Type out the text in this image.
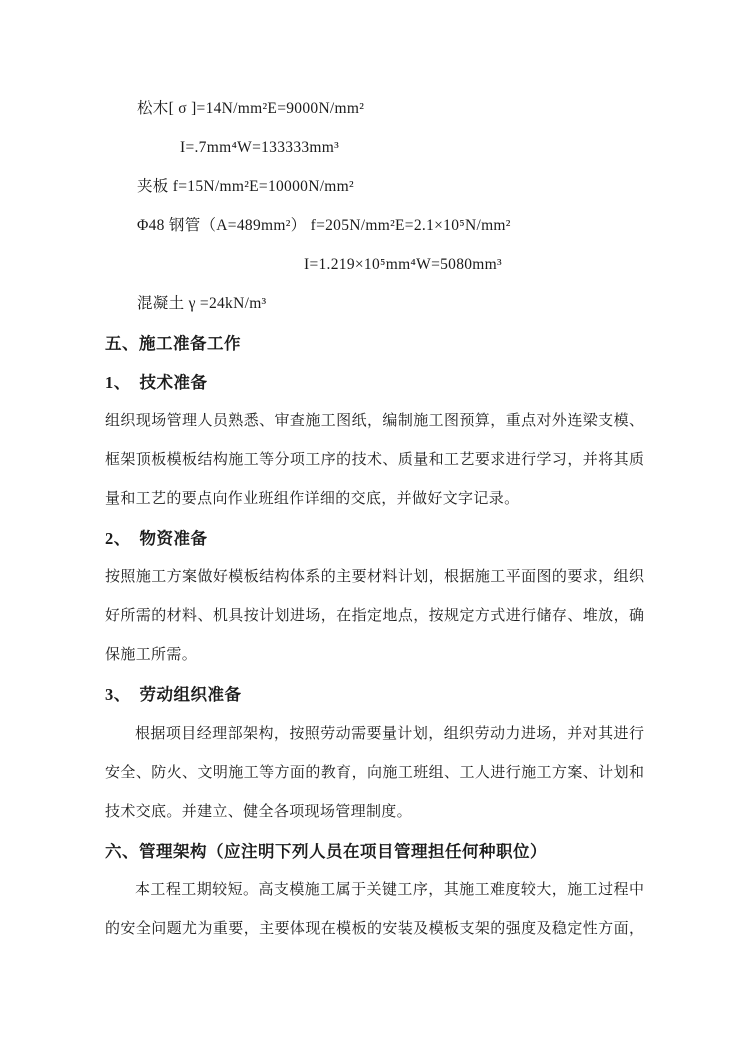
松木[ σ ]=14N/mm²E=9000N/mm²
I=.7mm⁴W=133333mm³
夹板 f=15N/mm²E=10000N/mm²
Φ48 钢管（A=489mm²） f=205N/mm²E=2.1×10⁵N/mm²
I=1.219×10⁵mm⁴W=5080mm³
混凝土 γ =24kN/m³
五、施工准备工作
1、　技术准备
组织现场管理人员熟悉、审查施工图纸，编制施工图预算，重点对外连梁支模、
框架顶板模板结构施工等分项工序的技术、质量和工艺要求进行学习，并将其质
量和工艺的要点向作业班组作详细的交底，并做好文字记录。
2、　物资准备
按照施工方案做好模板结构体系的主要材料计划，根据施工平面图的要求，组织
好所需的材料、机具按计划进场，在指定地点，按规定方式进行储存、堆放，确
保施工所需。
3、　劳动组织准备
根据项目经理部架构，按照劳动需要量计划，组织劳动力进场，并对其进行
安全、防火、文明施工等方面的教育，向施工班组、工人进行施工方案、计划和
技术交底。并建立、健全各项现场管理制度。
六、管理架构（应注明下列人员在项目管理担任何种职位）
本工程工期较短。高支模施工属于关键工序，其施工难度较大，施工过程中
的安全问题尤为重要，主要体现在模板的安装及模板支架的强度及稳定性方面，
